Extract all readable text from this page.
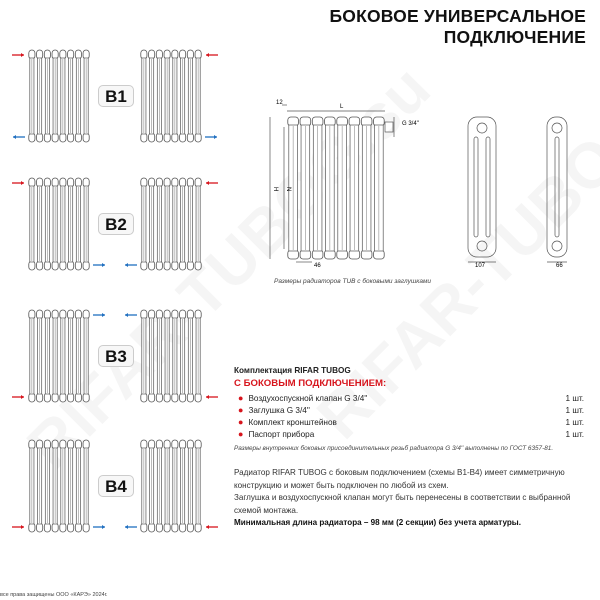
БОКОВОЕ УНИВЕРСАЛЬНОЕ
ПОДКЛЮЧЕНИЕ
B1
B2
B3
B4
12
L
G 3/4''
H N
46	107	66
Размеры радиаторов TUB с боковыми заглушками
Комплектация RIFAR TUBOG
С БОКОВЫМ ПОДКЛЮЧЕНИЕМ:
● Воздухоспускной клапан G 3/4''	1 шт.
● Заглушка G 3/4''	1 шт.
● Комплект кронштейнов	1 шт.
● Паспорт прибора	1 шт.
Размеры внутренних боковых присоединительных резьб радиатора G 3/4'' выполнены по ГОСТ 6357-81.
Радиатор RIFAR TUBOG с боковым подключением (схемы В1-В4) имеет симметричную конструкцию и может быть подключен по любой из схем.
Заглушка и воздухоспускной клапан могут быть перенесены в соответствии с выбранной схемой монтажа.
Минимальная длина радиатора – 98 мм (2 секции) без учета арматуры.
все права защищены ООО «КАРЭ» 2024г.
